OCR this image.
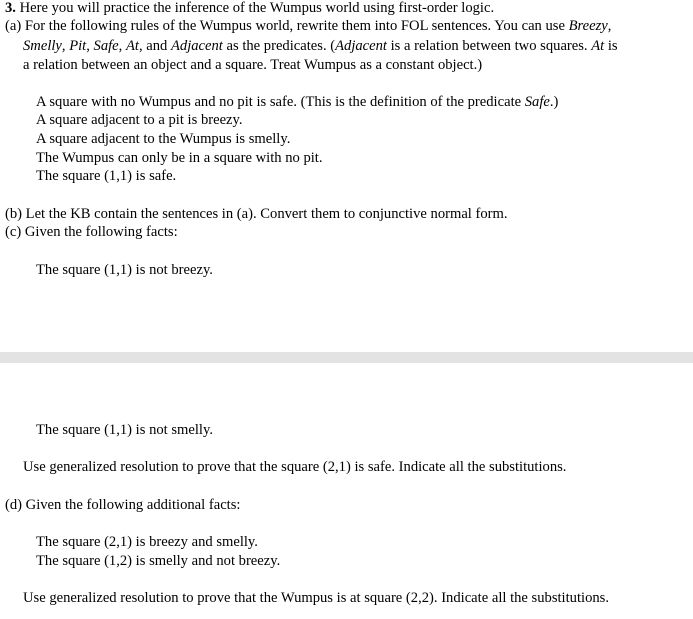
3. Here you will practice the inference of the Wumpus world using first-order logic.
(a) For the following rules of the Wumpus world, rewrite them into FOL sentences. You can use Breezy,
Smelly, Pit, Safe, At, and Adjacent as the predicates. (Adjacent is a relation between two squares. At is
a relation between an object and a square. Treat Wumpus as a constant object.)
A square with no Wumpus and no pit is safe. (This is the definition of the predicate Safe.)
A square adjacent to a pit is breezy.
A square adjacent to the Wumpus is smelly.
The Wumpus can only be in a square with no pit.
The square (1,1) is safe.
(b) Let the KB contain the sentences in (a). Convert them to conjunctive normal form.
(c) Given the following facts:
The square (1,1) is not breezy.
The square (1,1) is not smelly.
Use generalized resolution to prove that the square (2,1) is safe. Indicate all the substitutions.
(d) Given the following additional facts:
The square (2,1) is breezy and smelly.
The square (1,2) is smelly and not breezy.
Use generalized resolution to prove that the Wumpus is at square (2,2). Indicate all the substitutions.
